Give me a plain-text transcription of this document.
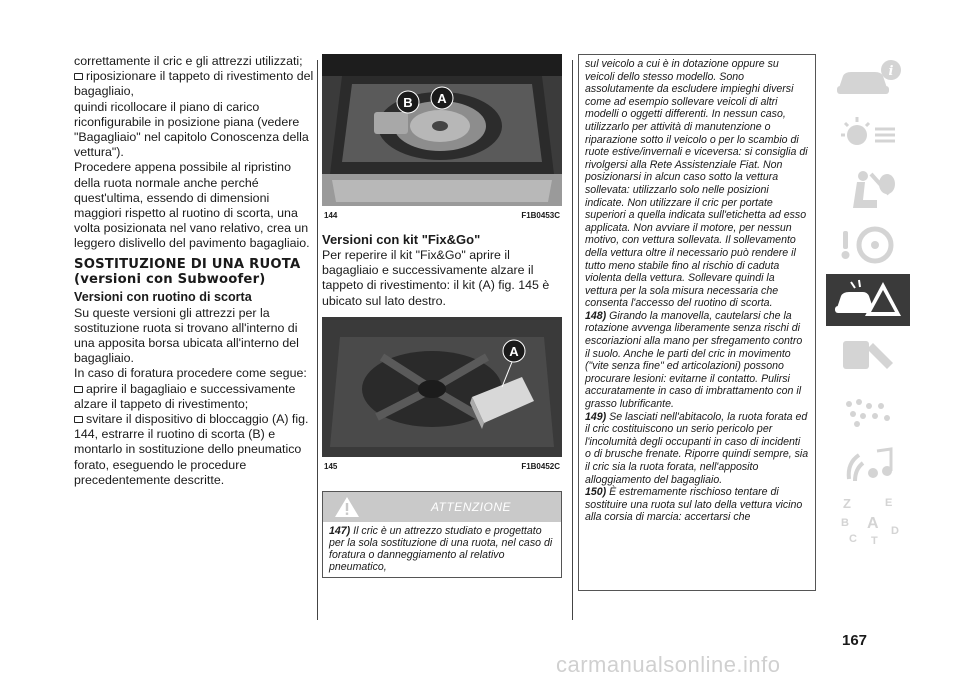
correttamente il cric e gli attrezzi utilizzati;

riposizionare il tappeto di rivestimento del bagagliaio,

quindi ricollocare il piano di carico riconfigurabile in posizione piana (vedere "Bagagliaio" nel capitolo Conoscenza della vettura").

Procedere appena possibile al ripristino della ruota normale anche perché quest'ultima, essendo di dimensioni maggiori rispetto al ruotino di scorta, una volta posizionata nel vano relativo, crea un leggero dislivello del pavimento bagagliaio.

SOSTITUZIONE DI UNA RUOTA (versioni con Subwoofer)
Versioni con ruotino di scorta

Su queste versioni gli attrezzi per la sostituzione ruota si trovano all'interno di una apposita borsa ubicata all'interno del bagagliaio.

In caso di foratura procedere come segue:

aprire il bagagliaio e successivamente alzare il tappeto di rivestimento;

svitare il dispositivo di bloccaggio (A) fig. 144, estrarre il ruotino di scorta (B) e montarlo in sostituzione dello pneumatico forato, eseguendo le procedure precedentemente descritte.

B A
144	F1B0453C
Versioni con kit "Fix&Go"

Per reperire il kit "Fix&Go" aprire il bagagliaio e successivamente alzare il tappeto di rivestimento: il kit (A) fig. 145 è ubicato sul lato destro.

A
145	F1B0452C
ATTENZIONE
147) Il cric è un attrezzo studiato e progettato per la sola sostituzione di una ruota, nel caso di foratura o danneggiamento al relativo pneumatico,
sul veicolo a cui è in dotazione oppure su veicoli dello stesso modello. Sono assolutamente da escludere impieghi diversi come ad esempio sollevare veicoli di altri modelli o oggetti differenti. In nessun caso, utilizzarlo per attività di manutenzione o riparazione sotto il veicolo o per lo scambio di ruote estive/invernali e viceversa: si consiglia di rivolgersi alla Rete Assistenziale Fiat. Non posizionarsi in alcun caso sotto la vettura sollevata: utilizzarlo solo nelle posizioni indicate. Non utilizzare il cric per portate superiori a quella indicata sull'etichetta ad esso applicata. Non avviare il motore, per nessun motivo, con vettura sollevata. Il sollevamento della vettura oltre il necessario può rendere il tutto meno stabile fino al rischio di caduta violenta della vettura. Sollevare quindi la vettura per la sola misura necessaria che consenta l'accesso del ruotino di scorta.
148) Girando la manovella, cautelarsi che la rotazione avvenga liberamente senza rischi di escoriazioni alla mano per sfregamento contro il suolo. Anche le parti del cric in movimento ("vite senza fine" ed articolazioni) possono procurare lesioni: evitarne il contatto. Pulirsi accuratamente in caso di imbrattamento con il grasso lubrificante.
149) Se lasciati nell'abitacolo, la ruota forata ed il cric costituiscono un serio pericolo per l'incolumità degli occupanti in caso di incidenti o di brusche frenate. Riporre quindi sempre, sia il cric sia la ruota forata, nell'apposito alloggiamento del bagagliaio.
150) È estremamente rischioso tentare di sostituire una ruota sul lato della vettura vicino alla corsia di marcia: accertarsi che
i
Z	E
B A
C T
D
167
carmanualsonline.info
